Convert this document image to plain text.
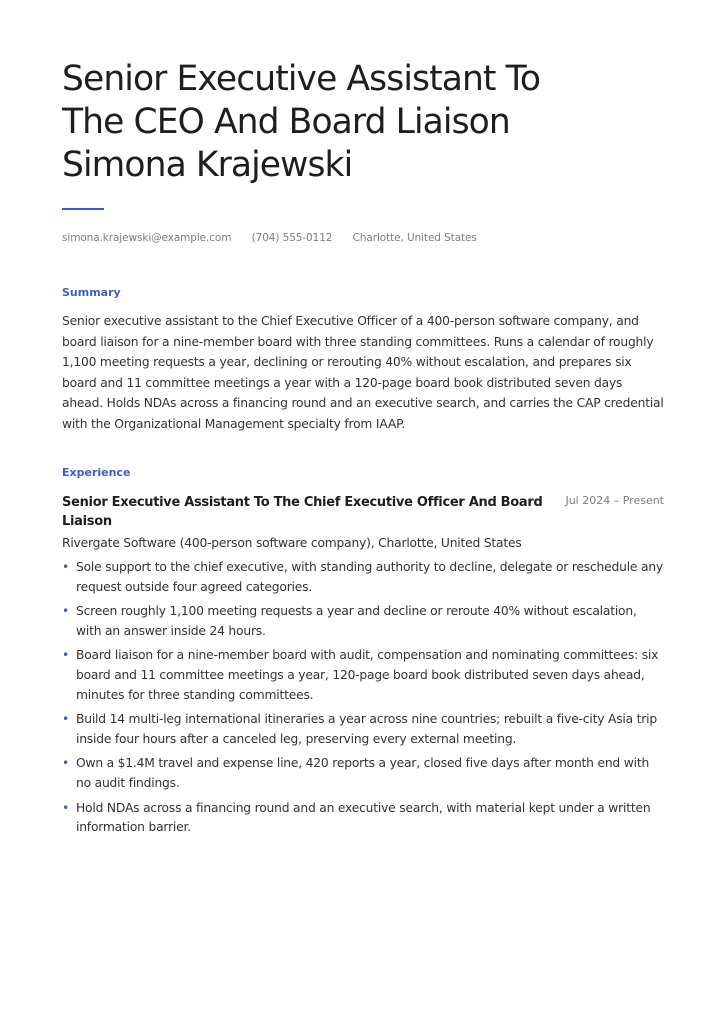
Senior Executive Assistant To
The CEO And Board Liaison
Simona Krajewski
simona.krajewski@example.com (704) 555-0112 Charlotte, United States
Summary

Senior executive assistant to the Chief Executive Officer of a 400-person software company, and board liaison for a nine-member board with three standing committees. Runs a calendar of roughly 1,100 meeting requests a year, declining or rerouting 40% without escalation, and prepares six board and 11 committee meetings a year with a 120-page board book distributed seven days ahead. Holds NDAs across a financing round and an executive search, and carries the CAP credential with the Organizational Management specialty from IAAP.

Experience
Senior Executive Assistant To The Chief Executive Officer And Board Liaison
Jul 2024 – Present
Rivergate Software (400-person software company), Charlotte, United States
• Sole support to the chief executive, with standing authority to decline, delegate or reschedule any request outside four agreed categories.
• Screen roughly 1,100 meeting requests a year and decline or reroute 40% without escalation, with an answer inside 24 hours.
• Board liaison for a nine-member board with audit, compensation and nominating committees: six board and 11 committee meetings a year, 120-page board book distributed seven days ahead, minutes for three standing committees.
• Build 14 multi-leg international itineraries a year across nine countries; rebuilt a five-city Asia trip inside four hours after a canceled leg, preserving every external meeting.
• Own a $1.4M travel and expense line, 420 reports a year, closed five days after month end with no audit findings.
• Hold NDAs across a financing round and an executive search, with material kept under a written information barrier.
